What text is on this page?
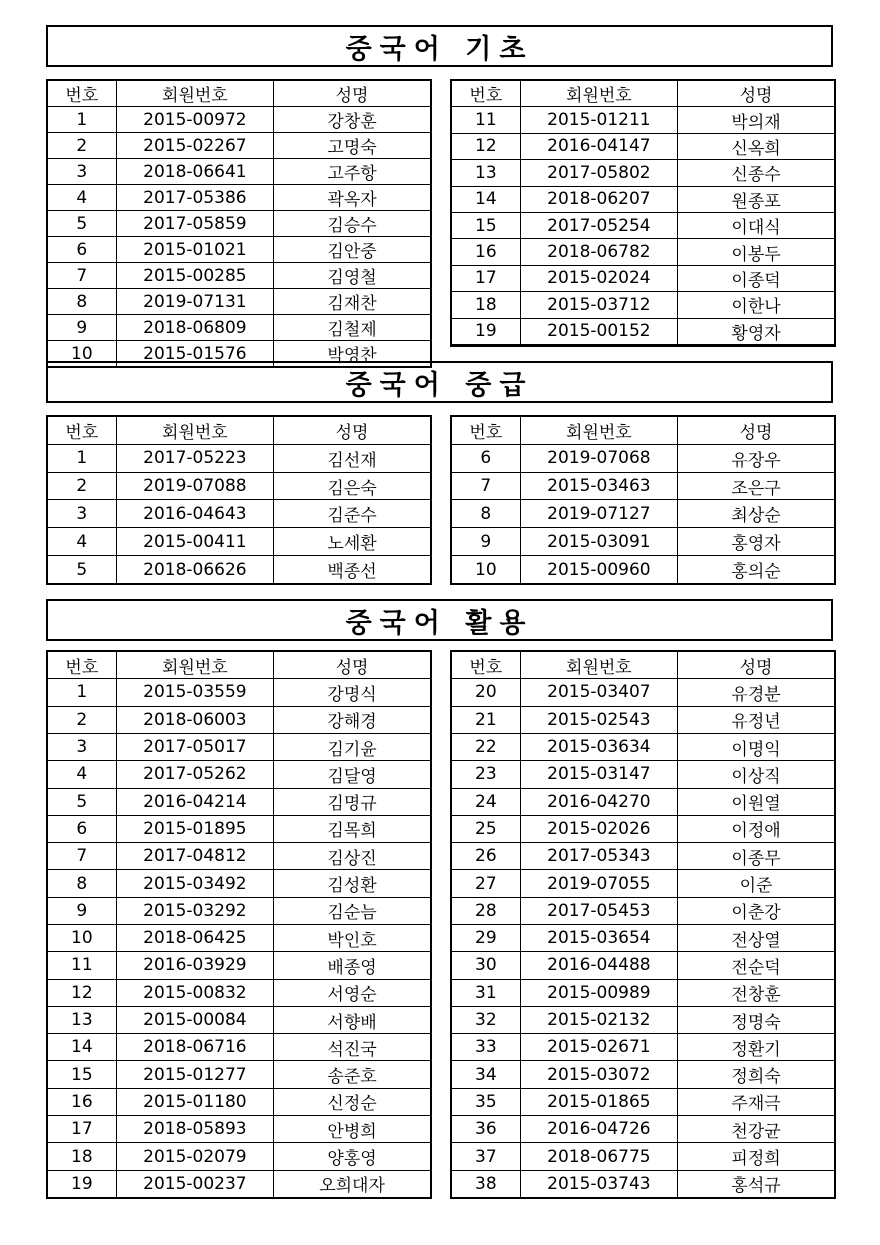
중국어 기초
번호	회원번호	성명
1	2015-00972	강창훈
2	2015-02267	고명숙
3	2018-06641	고주항
4	2017-05386	곽옥자
5	2017-05859	김승수
6	2015-01021	김안중
7	2015-00285	김영철
8	2019-07131	김재찬
9	2018-06809	김철제
10	2015-01576	박영찬
번호	회원번호	성명
11	2015-01211	박의재
12	2016-04147	신옥희
13	2017-05802	신종수
14	2018-06207	원종포
15	2017-05254	이대식
16	2018-06782	이봉두
17	2015-02024	이종덕
18	2015-03712	이한나
19	2015-00152	황영자

중국어 중급
번호	회원번호	성명
1	2017-05223	김선재
2	2019-07088	김은숙
3	2016-04643	김준수
4	2015-00411	노세환
5	2018-06626	백종선
번호	회원번호	성명
6	2019-07068	유장우
7	2015-03463	조은구
8	2019-07127	최상순
9	2015-03091	홍영자
10	2015-00960	홍의순
중국어 활용
번호	회원번호	성명
1	2015-03559	강명식
2	2018-06003	강해경
3	2017-05017	김기윤
4	2017-05262	김달영
5	2016-04214	김명규
6	2015-01895	김목희
7	2017-04812	김상진
8	2015-03492	김성환
9	2015-03292	김순늠
10	2018-06425	박인호
11	2016-03929	배종영
12	2015-00832	서영순
13	2015-00084	서향배
14	2018-06716	석진국
15	2015-01277	송준호
16	2015-01180	신정순
17	2018-05893	안병희
18	2015-02079	양홍영
19	2015-00237	오희대자
번호	회원번호	성명
20	2015-03407	유경분
21	2015-02543	유정년
22	2015-03634	이명익
23	2015-03147	이상직
24	2016-04270	이원열
25	2015-02026	이정애
26	2017-05343	이종무
27	2019-07055	이준
28	2017-05453	이춘강
29	2015-03654	전상열
30	2016-04488	전순덕
31	2015-00989	전창훈
32	2015-02132	정명숙
33	2015-02671	정환기
34	2015-03072	정희숙
35	2015-01865	주재극
36	2016-04726	천강균
37	2018-06775	피정희
38	2015-03743	홍석규
